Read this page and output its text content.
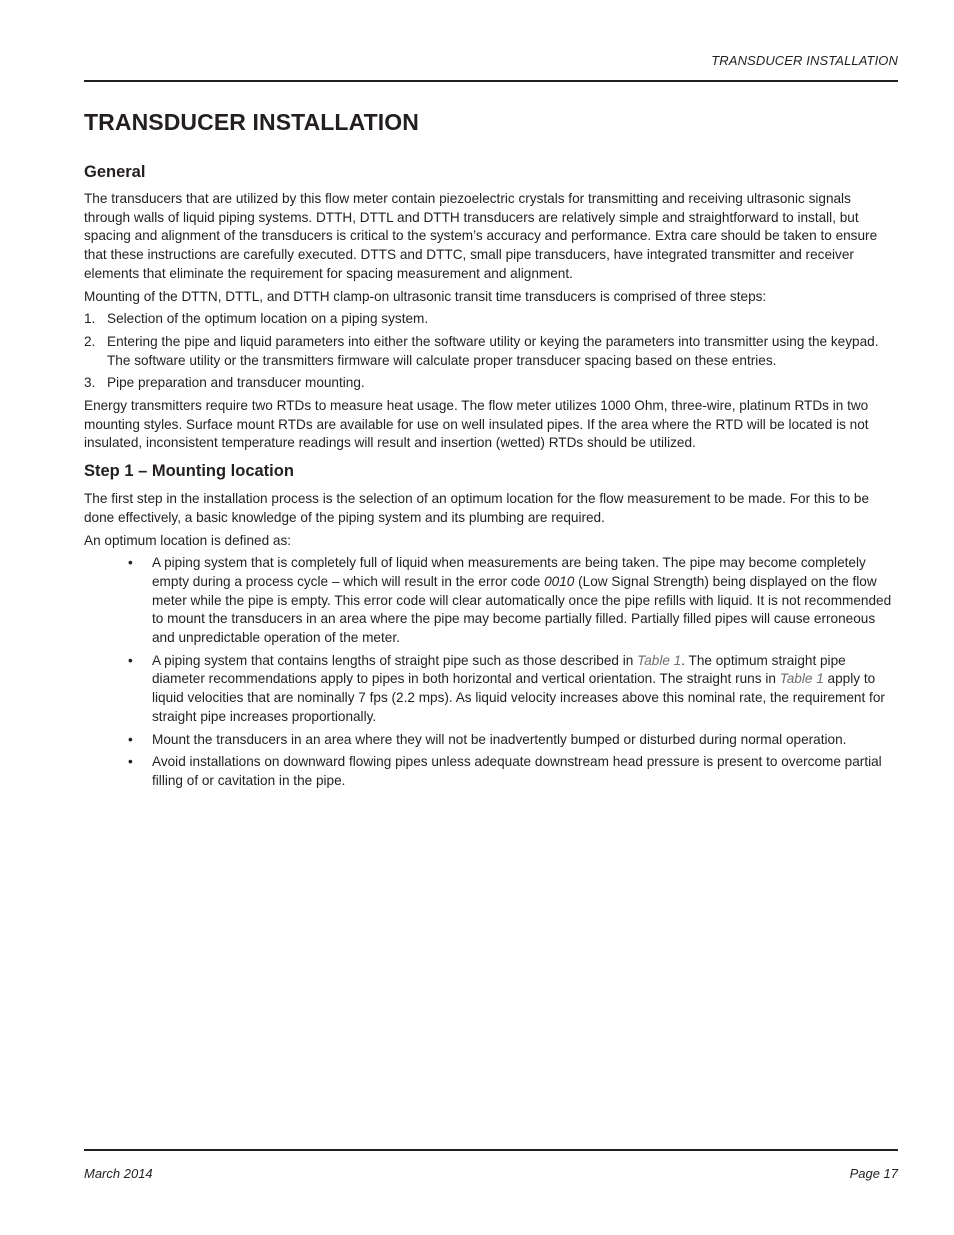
TRANSDUCER INSTALLATION
TRANSDUCER INSTALLATION
General

The transducers that are utilized by this flow meter contain piezoelectric crystals for transmitting and receiving ultrasonic signals through walls of liquid piping systems. DTTH, DTTL and DTTH transducers are relatively simple and straightforward to install, but spacing and alignment of the transducers is critical to the system’s accuracy and performance. Extra care should be taken to ensure that these instructions are carefully executed. DTTS and DTTC, small pipe transducers, have integrated transmitter and receiver elements that eliminate the requirement for spacing measurement and alignment.

Mounting of the DTTN, DTTL, and DTTH clamp-on ultrasonic transit time transducers is comprised of three steps:

1. Selection of the optimum location on a piping system.
2. Entering the pipe and liquid parameters into either the software utility or keying the parameters into transmitter using the keypad. The software utility or the transmitters firmware will calculate proper transducer spacing based on these entries.
3. Pipe preparation and transducer mounting.

Energy transmitters require two RTDs to measure heat usage. The flow meter utilizes 1000 Ohm, three-wire, platinum RTDs in two mounting styles. Surface mount RTDs are available for use on well insulated pipes. If the area where the RTD will be located is not insulated, inconsistent temperature readings will result and insertion (wetted) RTDs should be utilized.

Step 1 – Mounting location

The first step in the installation process is the selection of an optimum location for the flow measurement to be made. For this to be done effectively, a basic knowledge of the piping system and its plumbing are required.

An optimum location is defined as:

• A piping system that is completely full of liquid when measurements are being taken. The pipe may become completely empty during a process cycle – which will result in the error code 0010 (Low Signal Strength) being displayed on the flow meter while the pipe is empty. This error code will clear automatically once the pipe refills with liquid. It is not recommended to mount the transducers in an area where the pipe may become partially filled. Partially filled pipes will cause erroneous and unpredictable operation of the meter.
• A piping system that contains lengths of straight pipe such as those described in Table 1. The optimum straight pipe diameter recommendations apply to pipes in both horizontal and vertical orientation. The straight runs in Table 1 apply to liquid velocities that are nominally 7 fps (2.2 mps). As liquid velocity increases above this nominal rate, the requirement for straight pipe increases proportionally.
• Mount the transducers in an area where they will not be inadvertently bumped or disturbed during normal operation.
• Avoid installations on downward flowing pipes unless adequate downstream head pressure is present to overcome partial filling of or cavitation in the pipe.
March 2014	Page 17
